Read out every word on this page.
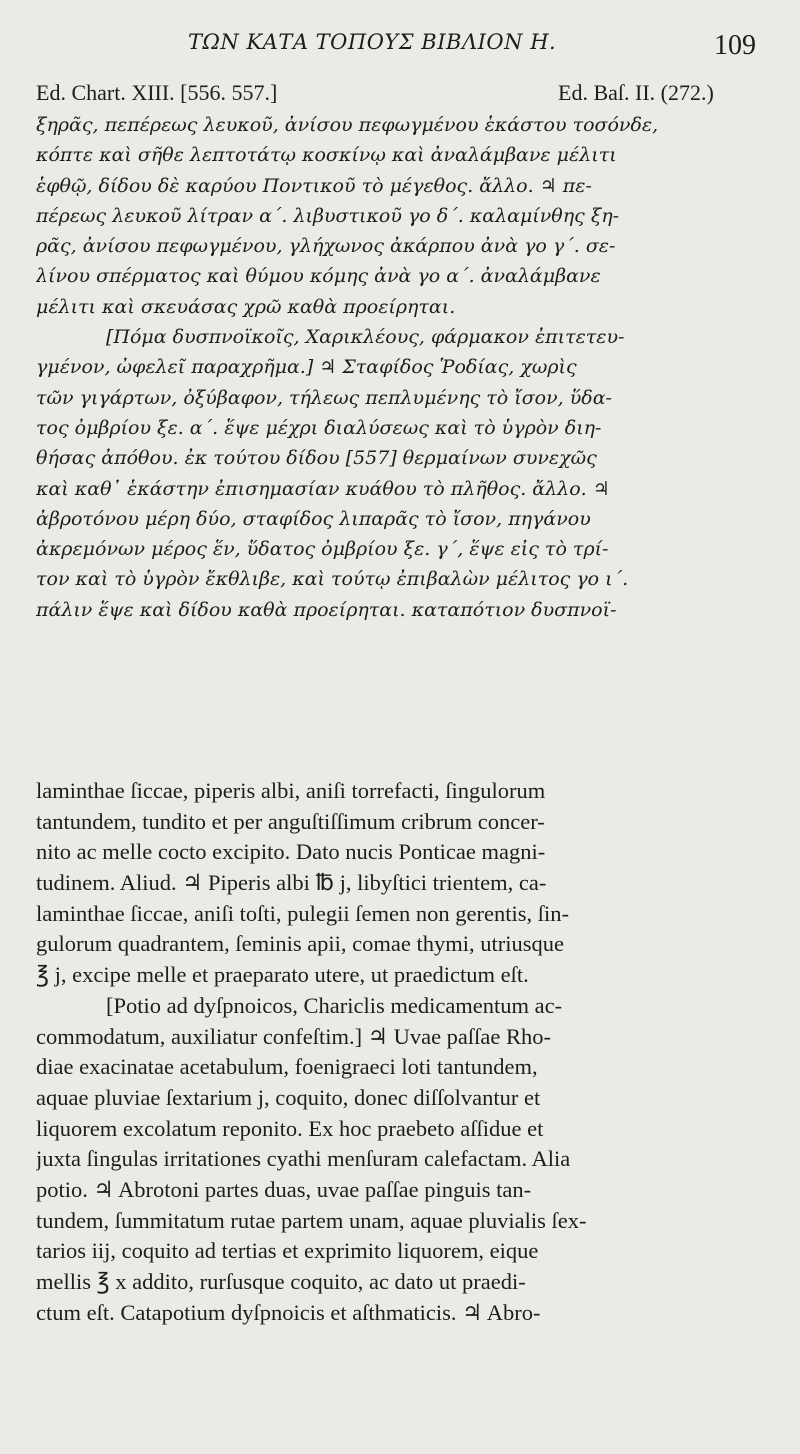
ΤΩΝ ΚΑΤΑ ΤΟΠΟΥΣ ΒΙΒΛΙΟΝ Η.	109
Ed. Chart. XIII. [556. 557.]	Ed. Baſ. II. (272.)
ξηρᾶς, πεπέρεως λευκοῦ, ἀνίσου πεφωγμένου ἑκάστου τοσόνδε,
κόπτε καὶ σῆθε λεπτοτάτῳ κοσκίνῳ καὶ ἀναλάμβανε μέλιτι
ἑφθῷ, δίδου δὲ καρύου Ποντικοῦ τὸ μέγεθος. ἄλλο. ♃ πε-
πέρεως λευκοῦ λίτραν α΄. λιβυστικοῦ γο δ΄. καλαμίνθης ξη-
ρᾶς, ἀνίσου πεφωγμένου, γλήχωνος ἀκάρπου ἀνὰ γο γ΄. σε-
λίνου σπέρματος καὶ θύμου κόμης ἀνὰ γο α΄. ἀναλάμβανε
μέλιτι καὶ σκευάσας χρῶ καθὰ προείρηται.
[Πόμα δυσπνοϊκοῖς, Χαρικλέους, φάρμακον ἐπιτετευ-
γμένον, ὠφελεῖ παραχρῆμα.] ♃ Σταφίδος Ῥοδίας, χωρὶς
τῶν γιγάρτων, ὀξύβαφον, τήλεως πεπλυμένης τὸ ἴσον, ὕδα-
τος ὀμβρίου ξε. α΄. ἕψε μέχρι διαλύσεως καὶ τὸ ὑγρὸν διη-
θήσας ἀπόθου. ἐκ τούτου δίδου [557] θερμαίνων συνεχῶς
καὶ καθ᾽ ἑκάστην ἐπισημασίαν κυάθου τὸ πλῆθος. ἄλλο. ♃
ἀβροτόνου μέρη δύο, σταφίδος λιπαρᾶς τὸ ἴσον, πηγάνου
ἀκρεμόνων μέρος ἕν, ὕδατος ὀμβρίου ξε. γ΄, ἕψε εἰς τὸ τρί-
τον καὶ τὸ ὑγρὸν ἔκθλιβε, καὶ τούτῳ ἐπιβαλὼν μέλιτος γο ι΄.
πάλιν ἕψε καὶ δίδου καθὰ προείρηται. καταπότιον δυσπνοϊ-
laminthae ſiccae, piperis albi, aniſi torrefacti, ſingulorum
tantundem, tundito et per anguſtiſſimum cribrum concer-
nito ac melle cocto excipito. Dato nucis Ponticae magni-
tudinem. Aliud. ♃ Piperis albi ℔ j, libyſtici trientem, ca-
laminthae ſiccae, aniſi toſti, pulegii ſemen non gerentis, ſin-
gulorum quadrantem, ſeminis apii, comae thymi, utriusque
℥ j, excipe melle et praeparato utere, ut praedictum eſt.
[Potio ad dyſpnoicos, Chariclis medicamentum ac-
commodatum, auxiliatur confeſtim.] ♃ Uvae paſſae Rho-
diae exacinatae acetabulum, foenigraeci loti tantundem,
aquae pluviae ſextarium j, coquito, donec diſſolvantur et
liquorem excolatum reponito. Ex hoc praebeto aſſidue et
juxta ſingulas irritationes cyathi menſuram calefactam. Alia
potio. ♃ Abrotoni partes duas, uvae paſſae pinguis tan-
tundem, ſummitatum rutae partem unam, aquae pluvialis ſex-
tarios iij, coquito ad tertias et exprimito liquorem, eique
mellis ℥ x addito, rurſusque coquito, ac dato ut praedi-
ctum eſt. Catapotium dyſpnoicis et aſthmaticis. ♃ Abro-
